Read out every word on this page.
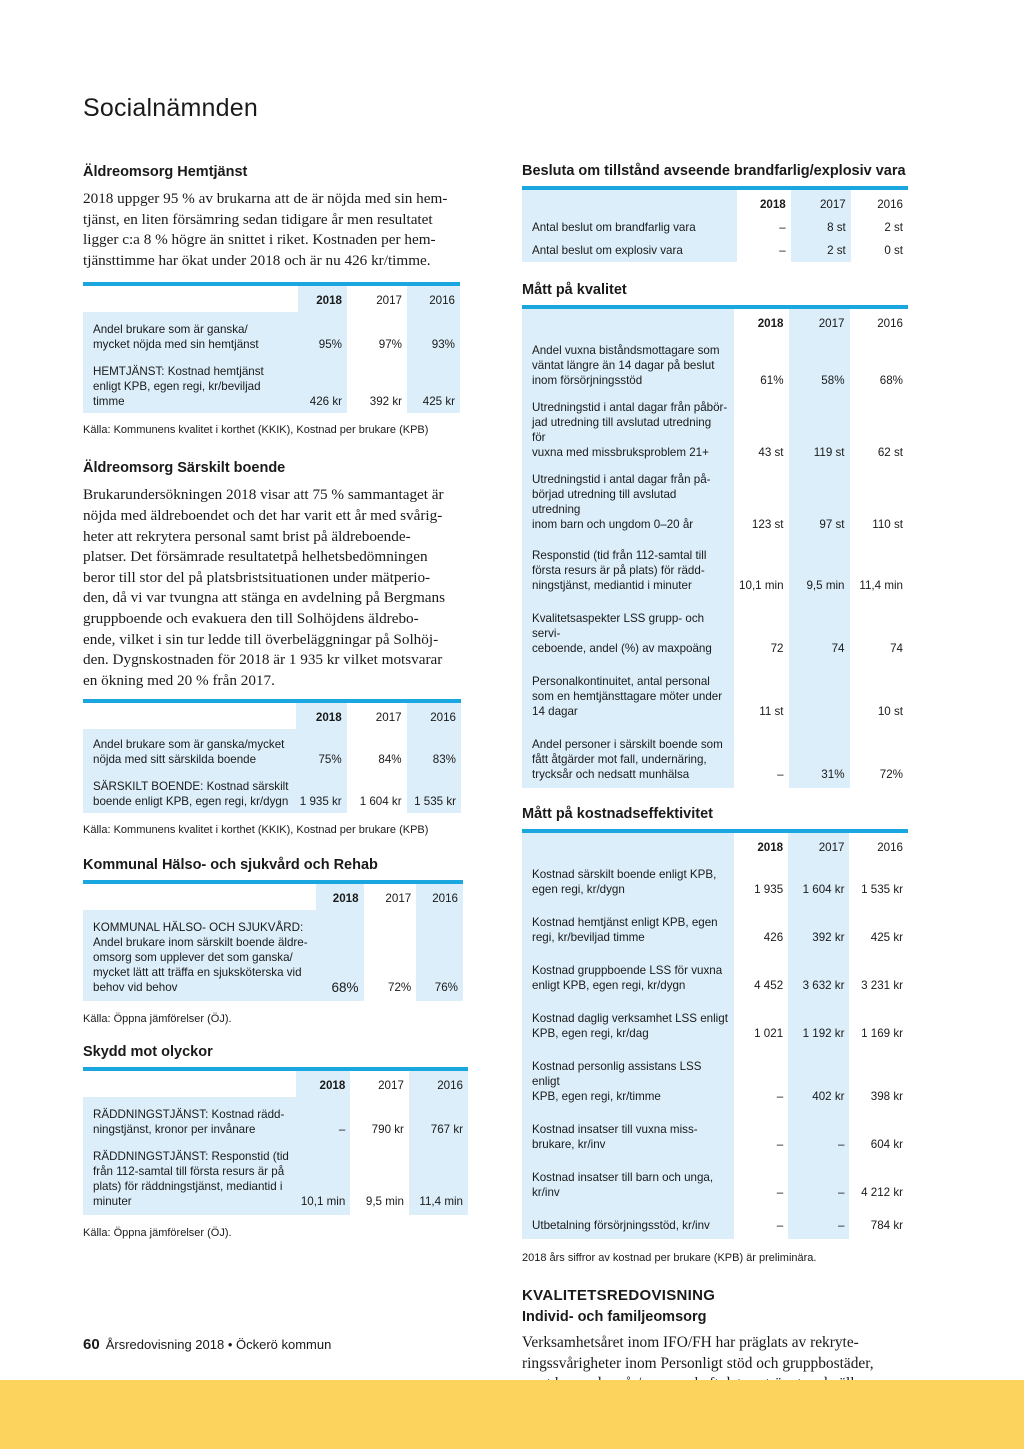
Socialnämnden
Äldreomsorg Hemtjänst

2018 uppger 95 % av brukarna att de är nöjda med sin hem-
tjänst, en liten försämring sedan tidigare år men resultatet
ligger c:a 8 % högre än snittet i riket. Kostnaden per hem-
tjänsttimme har ökat under 2018 och är nu 426 kr/timme.

	2018	2017	2016
Andel brukare som är ganska/
mycket nöjda med sin hemtjänst	95%	97%	93%
HEMTJÄNST: Kostnad hemtjänst
enligt KPB, egen regi, kr/beviljad
timme	426 kr	392 kr	425 kr

Källa: Kommunens kvalitet i korthet (KKIK), Kostnad per brukare (KPB)

Äldreomsorg Särskilt boende

Brukarundersökningen 2018 visar att 75 % sammantaget är
nöjda med äldreboendet och det har varit ett år med svårig-
heter att rekrytera personal samt brist på äldreboende-
platser. Det försämrade resultatetpå helhetsbedömningen
beror till stor del på platsbristsituationen under mätperio-
den, då vi var tvungna att stänga en avdelning på Bergmans
gruppboende och evakuera den till Solhöjdens äldrebo-
ende, vilket i sin tur ledde till överbeläggningar på Solhöj-
den. Dygnskostnaden för 2018 är 1 935 kr vilket motsvarar
en ökning med 20 % från 2017.

	2018	2017	2016
Andel brukare som är ganska/mycket
nöjda med sitt särskilda boende	75%	84%	83%
SÄRSKILT BOENDE: Kostnad särskilt
boende enligt KPB, egen regi, kr/dygn	1 935 kr	1 604 kr	1 535 kr

Källa: Kommunens kvalitet i korthet (KKIK), Kostnad per brukare (KPB)

Kommunal Hälso- och sjukvård och Rehab
	2018	2017	2016
KOMMUNAL HÄLSO- OCH SJUKVÅRD:
Andel brukare inom särskilt boende äldre-
omsorg som upplever det som ganska/
mycket lätt att träffa en sjuksköterska vid
behov vid behov	68%	72%	76%

Källa: Öppna jämförelser (ÖJ).

Skydd mot olyckor
	2018	2017	2016
RÄDDNINGSTJÄNST: Kostnad rädd-
ningstjänst, kronor per invånare	–	790 kr	767 kr
RÄDDNINGSTJÄNST: Responstid (tid
från 112-samtal till första resurs är på
plats) för räddningstjänst, mediantid i
minuter	10,1 min	9,5 min	11,4 min

Källa: Öppna jämförelser (ÖJ).

Besluta om tillstånd avseende brandfarlig/explosiv vara
	2018	2017	2016
Antal beslut om brandfarlig vara	–	8 st	2 st
Antal beslut om explosiv vara	–	2 st	0 st
Mått på kvalitet
	2018	2017	2016
Andel vuxna biståndsmottagare som
väntat längre än 14 dagar på beslut
inom försörjningsstöd	61%	58%	68%
Utredningstid i antal dagar från påbör-
jad utredning till avslutad utredning för
vuxna med missbruksproblem 21+	43 st	119 st	62 st
Utredningstid i antal dagar från på-
börjad utredning till avslutad utredning
inom barn och ungdom 0–20 år	123 st	97 st	110 st
Responstid (tid från 112-samtal till
första resurs är på plats) för rädd-
ningstjänst, mediantid i minuter	10,1 min	9,5 min	11,4 min
Kvalitetsaspekter LSS grupp- och servi-
ceboende, andel (%) av maxpoäng	72	74	74
Personalkontinuitet, antal personal
som en hemtjänsttagare möter under
14 dagar	11 st		10 st
Andel personer i särskilt boende som
fått åtgärder mot fall, undernäring,
trycksår och nedsatt munhälsa	–	31%	72%
Mått på kostnadseffektivitet
	2018	2017	2016
Kostnad särskilt boende enligt KPB,
egen regi, kr/dygn	1 935	1 604 kr	1 535 kr
Kostnad hemtjänst enligt KPB, egen
regi, kr/beviljad timme	426	392 kr	425 kr
Kostnad gruppboende LSS för vuxna
enligt KPB, egen regi, kr/dygn	4 452	3 632 kr	3 231 kr
Kostnad daglig verksamhet LSS enligt
KPB, egen regi, kr/dag	1 021	1 192 kr	1 169 kr
Kostnad personlig assistans LSS enligt
KPB, egen regi, kr/timme	–	402 kr	398 kr
Kostnad insatser till vuxna miss-
brukare, kr/inv	–	–	604 kr
Kostnad insatser till barn och unga,
kr/inv	–	–	4 212 kr
Utbetalning försörjningsstöd, kr/inv	–	–	784 kr

2018 års siffror av kostnad per brukare (KPB) är preliminära.

KVALITETSREDOVISNING
Individ- och familjeomsorg

Verksamhetsåret inom IFO/FH har präglats av rekryte-
ringssvårigheter inom Personligt stöd och gruppbostäder,

60 Årsredovisning 2018 • Öckerö kommun
